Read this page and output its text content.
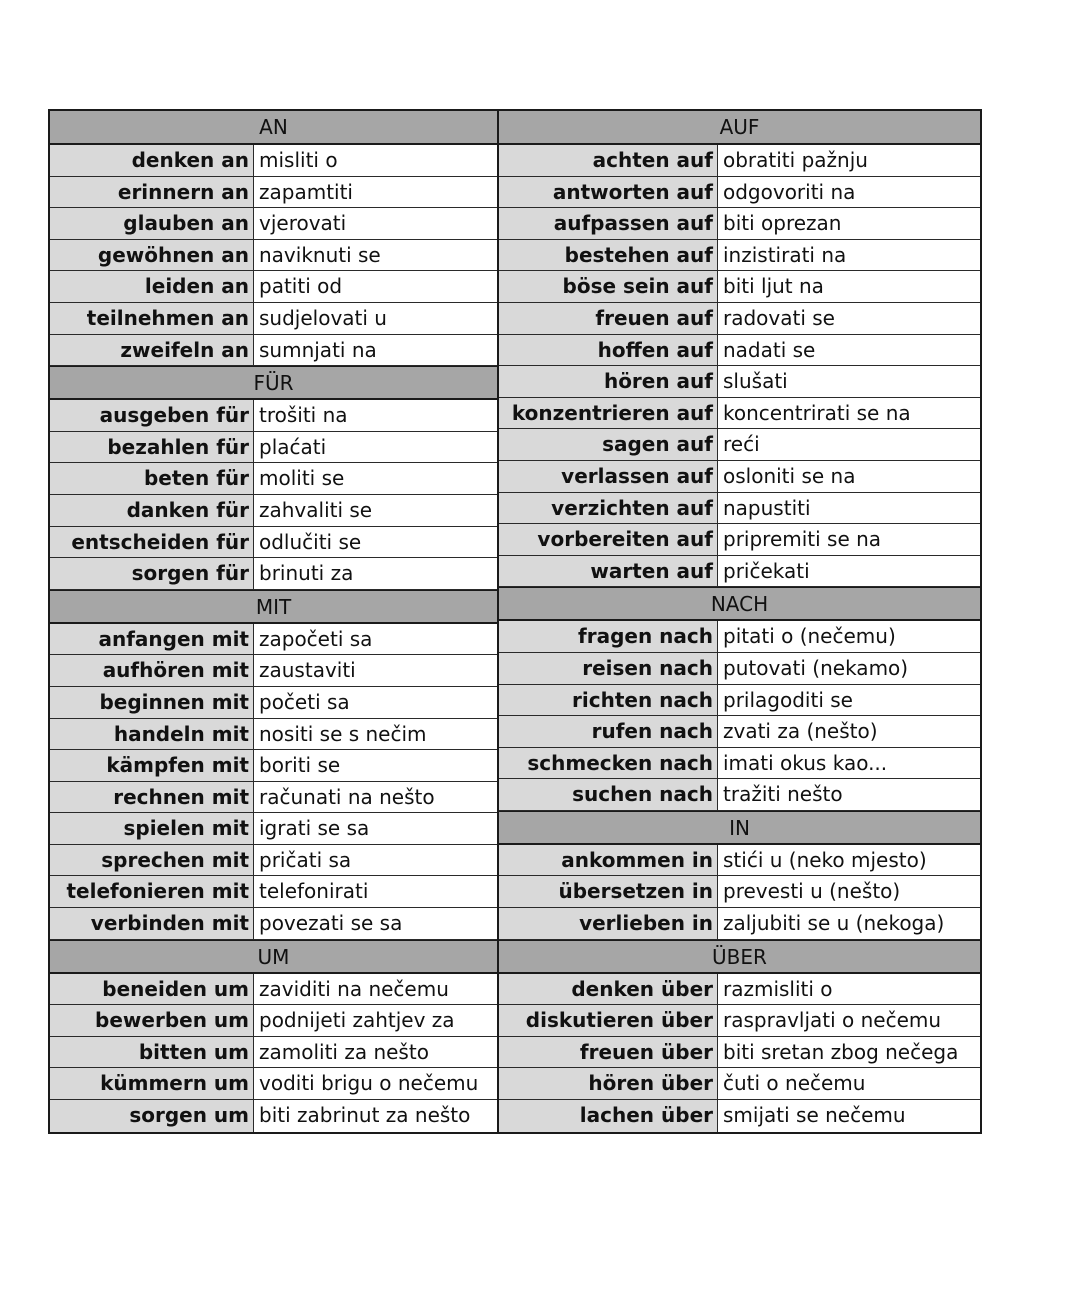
AN
denken an misliti o
erinnern an zapamtiti
glauben an vjerovati
gewöhnen an naviknuti se
leiden an patiti od
teilnehmen an sudjelovati u
zweifeln an sumnjati na
FÜR
ausgeben für trošiti na
bezahlen für plaćati
beten für moliti se
danken für zahvaliti se
entscheiden für odlučiti se
sorgen für brinuti za
MIT
anfangen mit započeti sa
aufhören mit zaustaviti
beginnen mit početi sa
handeln mit nositi se s nečim
kämpfen mit boriti se
rechnen mit računati na nešto
spielen mit igrati se sa
sprechen mit pričati sa
telefonieren mit telefonirati
verbinden mit povezati se sa
UM
beneiden um zaviditi na nečemu
bewerben um podnijeti zahtjev za
bitten um zamoliti za nešto
kümmern um voditi brigu o nečemu
sorgen um biti zabrinut za nešto
AUF
achten auf obratiti pažnju
antworten auf odgovoriti na
aufpassen auf biti oprezan
bestehen auf inzistirati na
böse sein auf biti ljut na
freuen auf radovati se
hoffen auf nadati se
hören auf slušati
konzentrieren auf koncentrirati se na
sagen auf reći
verlassen auf osloniti se na
verzichten auf napustiti
vorbereiten auf pripremiti se na
warten auf pričekati
NACH
fragen nach pitati o (nečemu)
reisen nach putovati (nekamo)
richten nach prilagoditi se
rufen nach zvati za (nešto)
schmecken nach imati okus kao...
suchen nach tražiti nešto
IN
ankommen in stići u (neko mjesto)
übersetzen in prevesti u (nešto)
verlieben in zaljubiti se u (nekoga)
ÜBER
denken über razmisliti o
diskutieren über raspravljati o nečemu
freuen über biti sretan zbog nečega
hören über čuti o nečemu
lachen über smijati se nečemu
